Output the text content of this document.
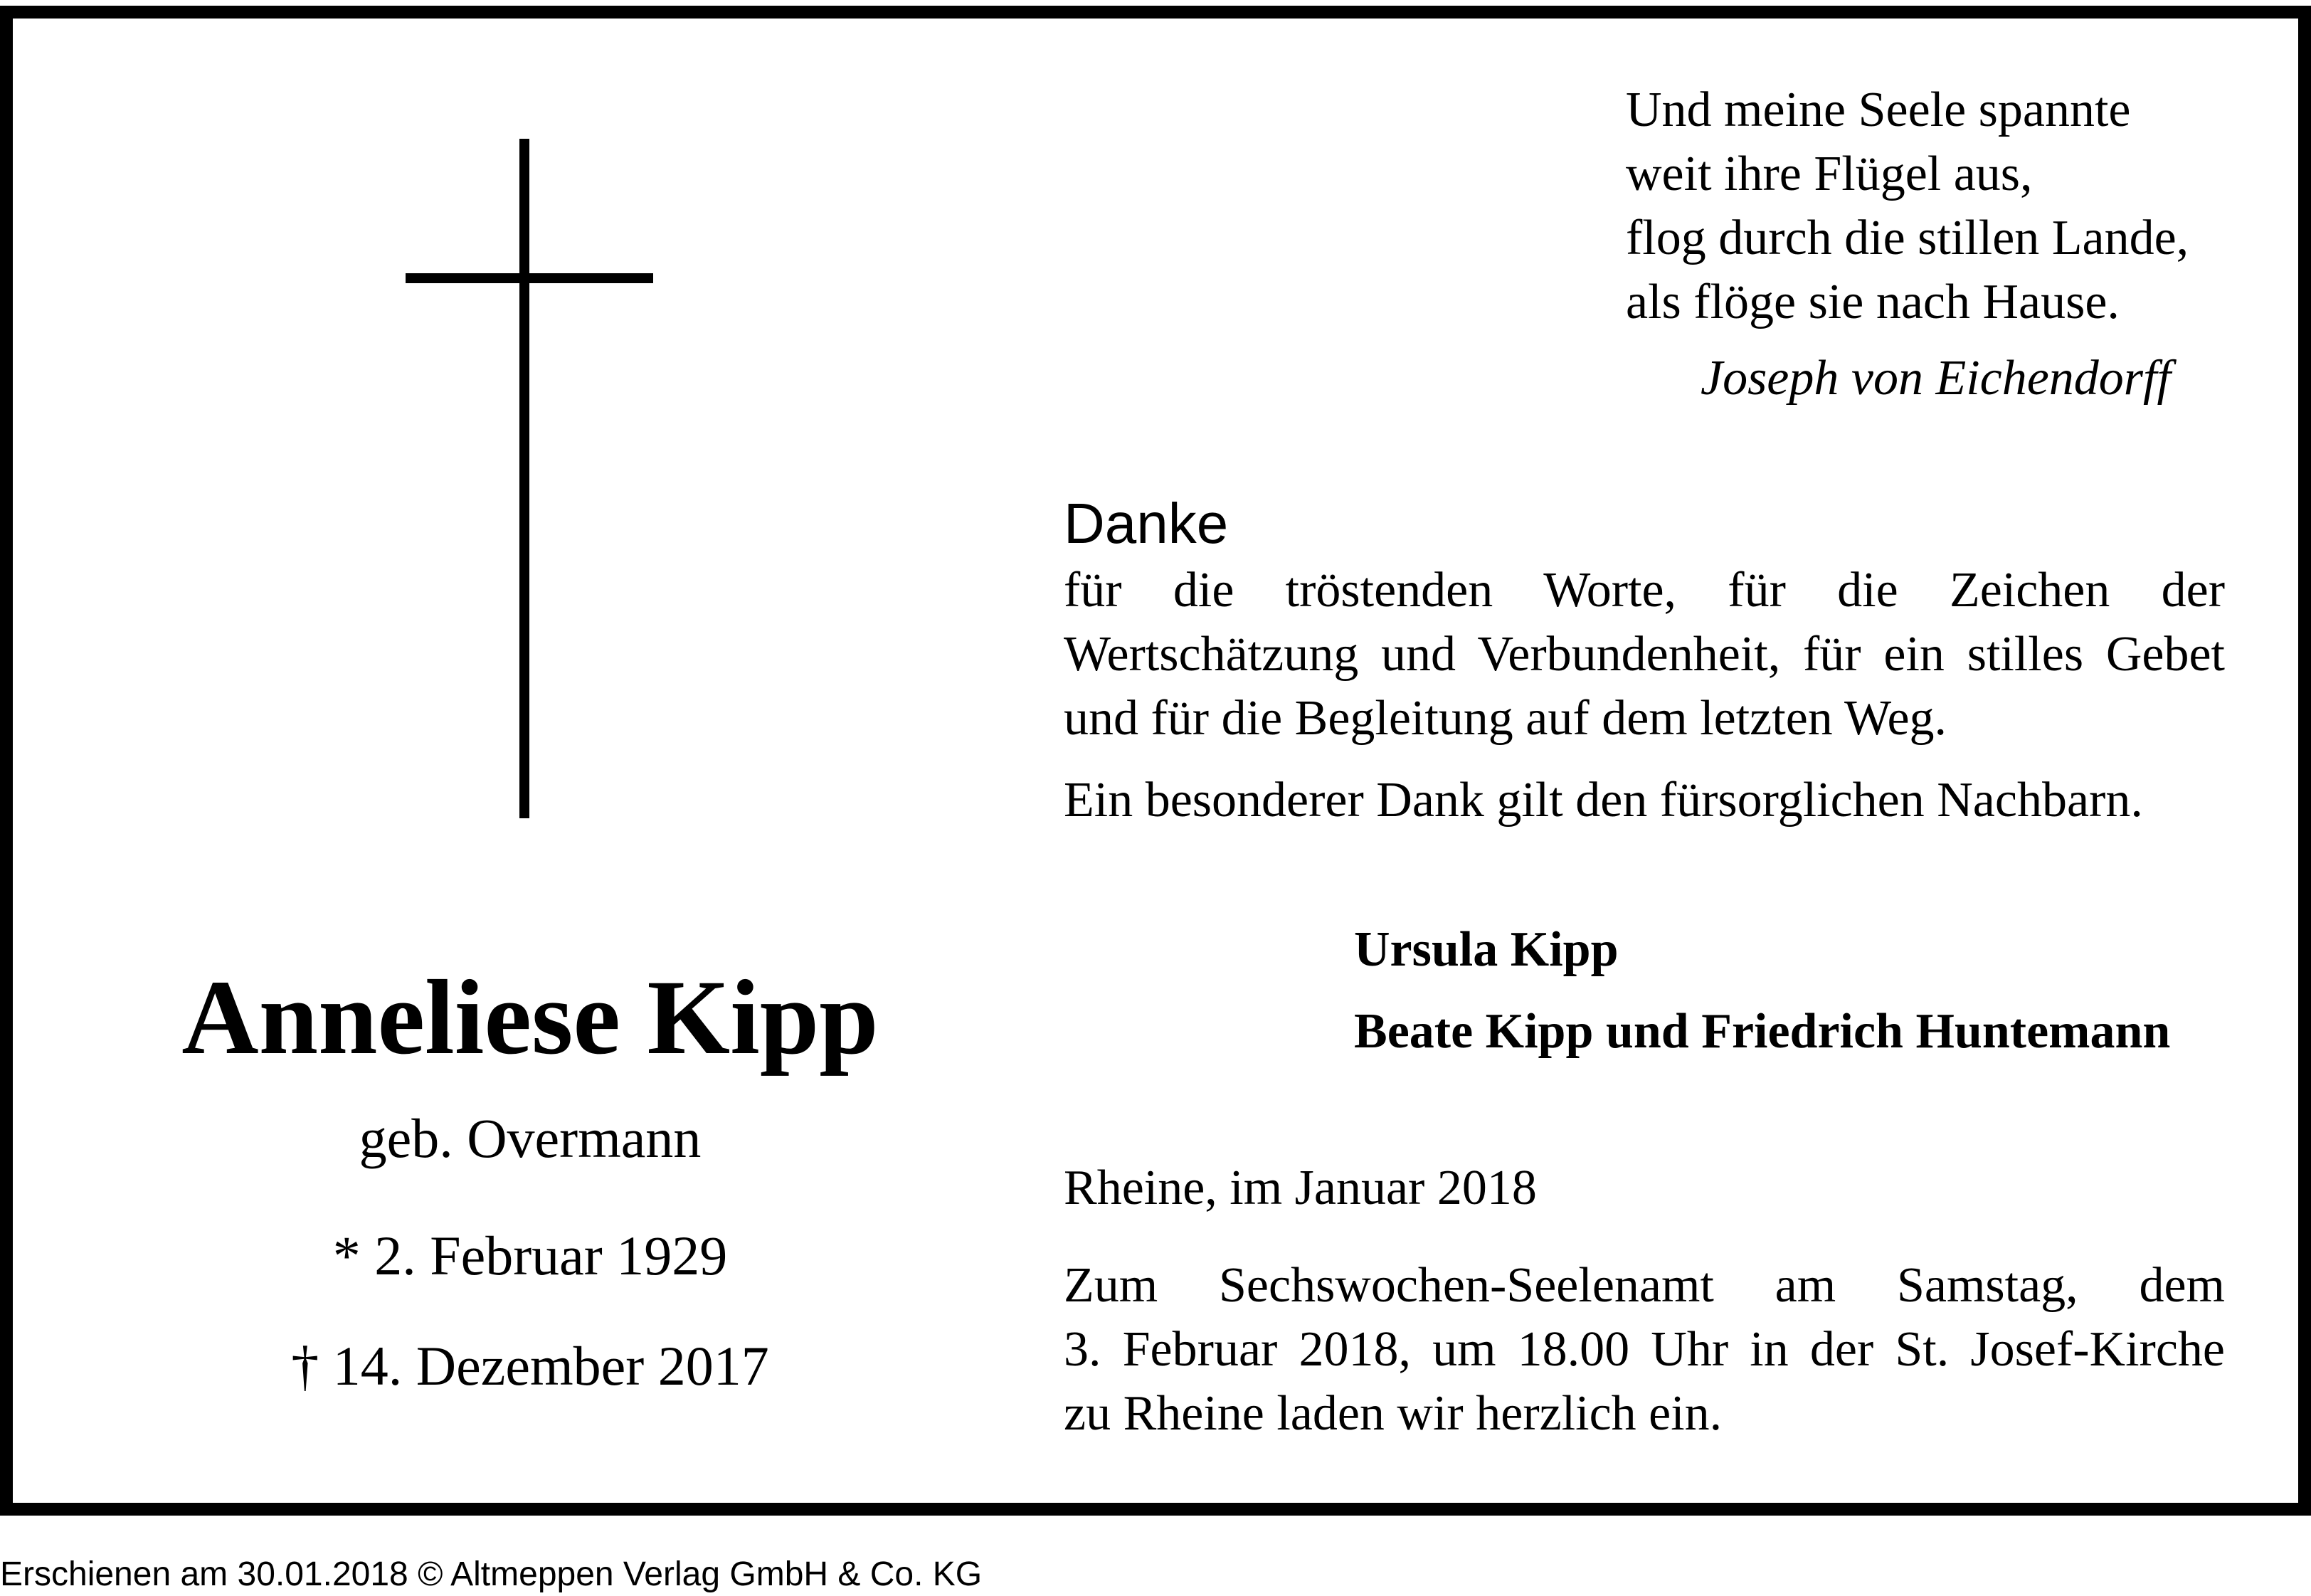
Anneliese Kipp
geb. Overmann
* 2. Februar 1929
† 14. Dezember 2017
Und meine Seele spannte
weit ihre Flügel aus,
flog durch die stillen Lande,
als flöge sie nach Hause.
Joseph von Eichendorff
Danke
für die tröstenden Worte, für die Zeichen der
Wertschätzung und Verbundenheit, für ein stilles Gebet
und für die Begleitung auf dem letzten Weg.
Ein besonderer Dank gilt den fürsorglichen Nachbarn.
Ursula Kipp
Beate Kipp und Friedrich Huntemann
Rheine, im Januar 2018
Zum Sechswochen-Seelenamt am Samstag, dem
3. Februar 2018, um 18.00 Uhr in der St. Josef-Kirche
zu Rheine laden wir herzlich ein.
Erschienen am 30.01.2018 © Altmeppen Verlag GmbH & Co. KG
